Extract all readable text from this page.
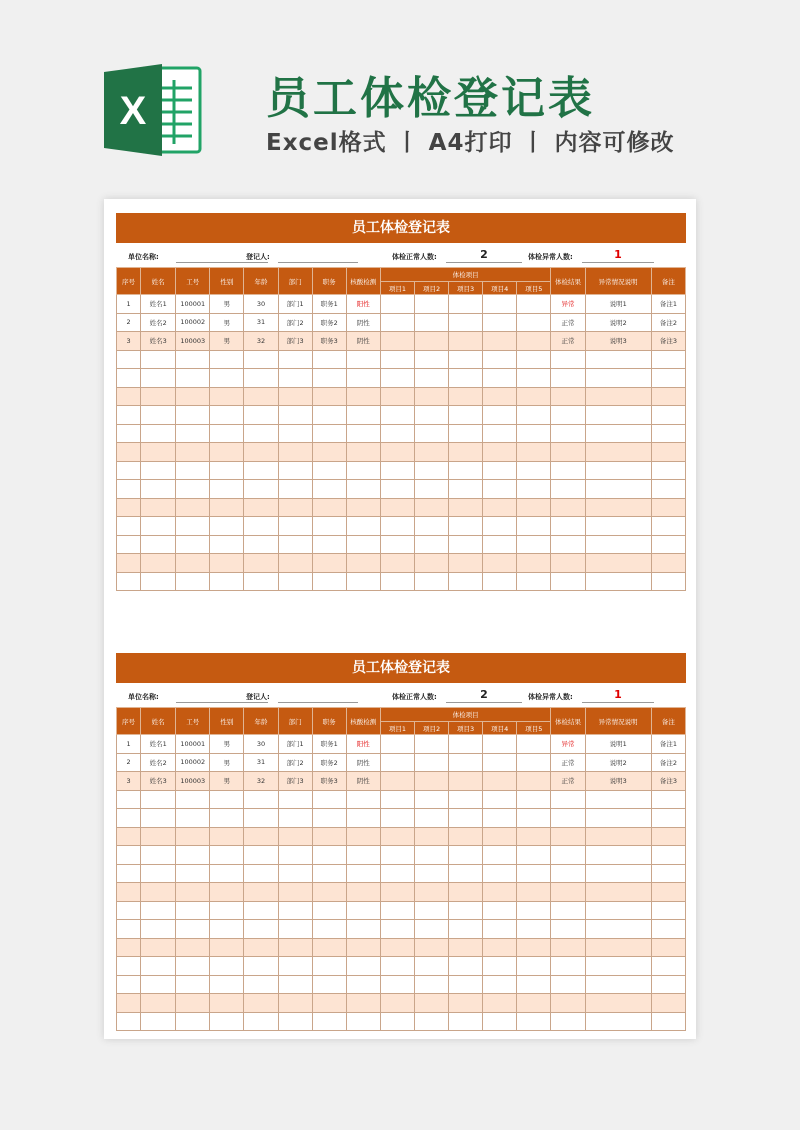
X	员工体检登记表
Excel格式 丨 A4打印 丨 内容可修改
员工体检登记表
单位名称:	登记人:	体检正常人数:	2	体检异常人数:	1
序号	姓名	工号	性别	年龄	部门	职务	核酸检测	体检项目					体检结果	异常情况说明	备注
								项目1	项目2	项目3	项目4	项目5			
1	姓名1	100001	男	30	部门1	职务1	阳性						异常	说明1	备注1
2	姓名2	100002	男	31	部门2	职务2	阴性						正常	说明2	备注2
3	姓名3	100003	男	32	部门3	职务3	阴性						正常	说明3	备注3

员工体检登记表
单位名称:	登记人:	体检正常人数:	2	体检异常人数:	1
序号	姓名	工号	性别	年龄	部门	职务	核酸检测	体检项目					体检结果	异常情况说明	备注
								项目1	项目2	项目3	项目4	项目5			
1	姓名1	100001	男	30	部门1	职务1	阳性						异常	说明1	备注1
2	姓名2	100002	男	31	部门2	职务2	阴性						正常	说明2	备注2
3	姓名3	100003	男	32	部门3	职务3	阴性						正常	说明3	备注3
